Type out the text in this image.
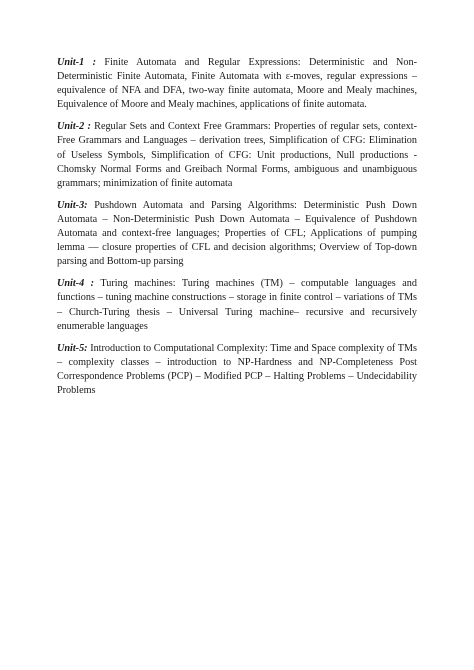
Unit-1 : Finite Automata and Regular Expressions: Deterministic and Non-Deterministic Finite Automata, Finite Automata with ε-moves, regular expressions – equivalence of NFA and DFA, two-way finite automata, Moore and Mealy machines, Equivalence of Moore and Mealy machines, applications of finite automata.

Unit-2 : Regular Sets and Context Free Grammars: Properties of regular sets, context-Free Grammars and Languages – derivation trees, Simplification of CFG: Elimination of Useless Symbols, Simplification of CFG: Unit productions, Null productions - Chomsky Normal Forms and Greibach Normal Forms, ambiguous and unambiguous grammars; minimization of finite automata

Unit-3: Pushdown Automata and Parsing Algorithms: Deterministic Push Down Automata – Non-Deterministic Push Down Automata – Equivalence of Pushdown Automata and context-free languages; Properties of CFL; Applications of pumping lemma — closure properties of CFL and decision algorithms; Overview of Top-down parsing and Bottom-up parsing

Unit-4 : Turing machines: Turing machines (TM) – computable languages and functions – tuning machine constructions – storage in finite control – variations of TMs – Church-Turing thesis – Universal Turing machine– recursive and recursively enumerable languages

Unit-5: Introduction to Computational Complexity: Time and Space complexity of TMs – complexity classes – introduction to NP-Hardness and NP-Completeness Post Correspondence Problems (PCP) – Modified PCP – Halting Problems – Undecidability Problems
